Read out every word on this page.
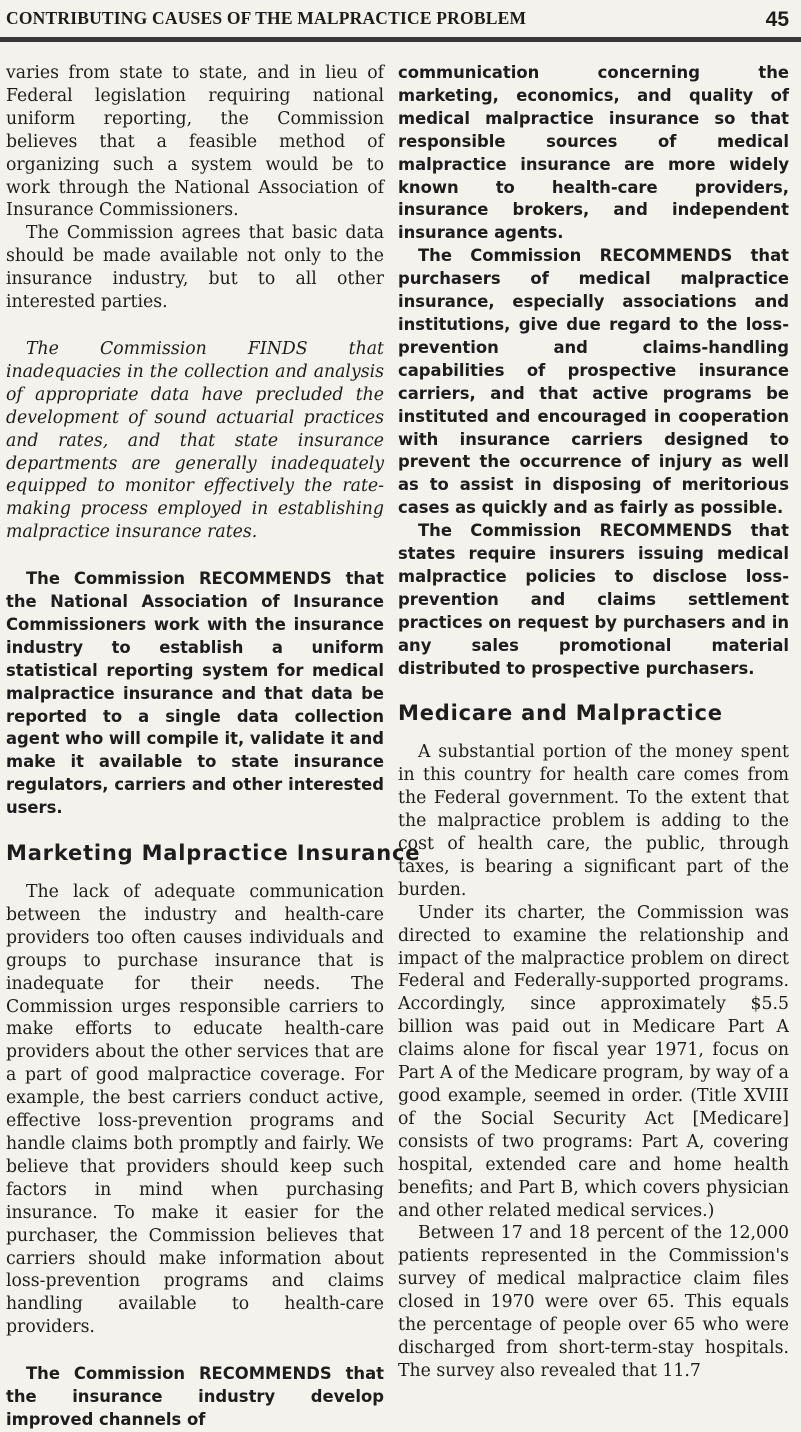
CONTRIBUTING CAUSES OF THE MALPRACTICE PROBLEM	45

varies from state to state, and in lieu of Federal legislation requiring national uniform reporting, the Commission believes that a feasible method of organizing such a system would be to work through the National Association of Insurance Commissioners.

The Commission agrees that basic data should be made available not only to the insurance industry, but to all other interested parties.

The Commission FINDS that inadequacies in the collection and analysis of appropriate data have precluded the development of sound actuarial practices and rates, and that state insurance departments are generally inadequately equipped to monitor effectively the rate-making process employed in establishing malpractice insurance rates.

The Commission RECOMMENDS that the National Association of Insurance Commissioners work with the insurance industry to establish a uniform statistical reporting system for medical malpractice insurance and that data be reported to a single data collection agent who will compile it, validate it and make it available to state insurance regulators, carriers and other interested users.

Marketing Malpractice Insurance

The lack of adequate communication between the industry and health-care providers too often causes individuals and groups to purchase insurance that is inadequate for their needs. The Commission urges responsible carriers to make efforts to educate health-care providers about the other services that are a part of good malpractice coverage. For example, the best carriers conduct active, effective loss-prevention programs and handle claims both promptly and fairly. We believe that providers should keep such factors in mind when purchasing insurance. To make it easier for the purchaser, the Commission believes that carriers should make information about loss-prevention programs and claims handling available to health-care providers.

The Commission RECOMMENDS that the insurance industry develop improved channels of

communication concerning the marketing, economics, and quality of medical malpractice insurance so that responsible sources of medical malpractice insurance are more widely known to health-care providers, insurance brokers, and independent insurance agents.

The Commission RECOMMENDS that purchasers of medical malpractice insurance, especially associations and institutions, give due regard to the loss-prevention and claims-handling capabilities of prospective insurance carriers, and that active programs be instituted and encouraged in cooperation with insurance carriers designed to prevent the occurrence of injury as well as to assist in disposing of meritorious cases as quickly and as fairly as possible.

The Commission RECOMMENDS that states require insurers issuing medical malpractice policies to disclose loss-prevention and claims settlement practices on request by purchasers and in any sales promotional material distributed to prospective purchasers.

Medicare and Malpractice

A substantial portion of the money spent in this country for health care comes from the Federal government. To the extent that the malpractice problem is adding to the cost of health care, the public, through taxes, is bearing a significant part of the burden.

Under its charter, the Commission was directed to examine the relationship and impact of the malpractice problem on direct Federal and Federally-supported programs. Accordingly, since approximately $5.5 billion was paid out in Medicare Part A claims alone for fiscal year 1971, focus on Part A of the Medicare program, by way of a good example, seemed in order. (Title XVIII of the Social Security Act [Medicare] consists of two programs: Part A, covering hospital, extended care and home health benefits; and Part B, which covers physician and other related medical services.)

Between 17 and 18 percent of the 12,000 patients represented in the Commission's survey of medical malpractice claim files closed in 1970 were over 65. This equals the percentage of people over 65 who were discharged from short-term-stay hospitals. The survey also revealed that 11.7
